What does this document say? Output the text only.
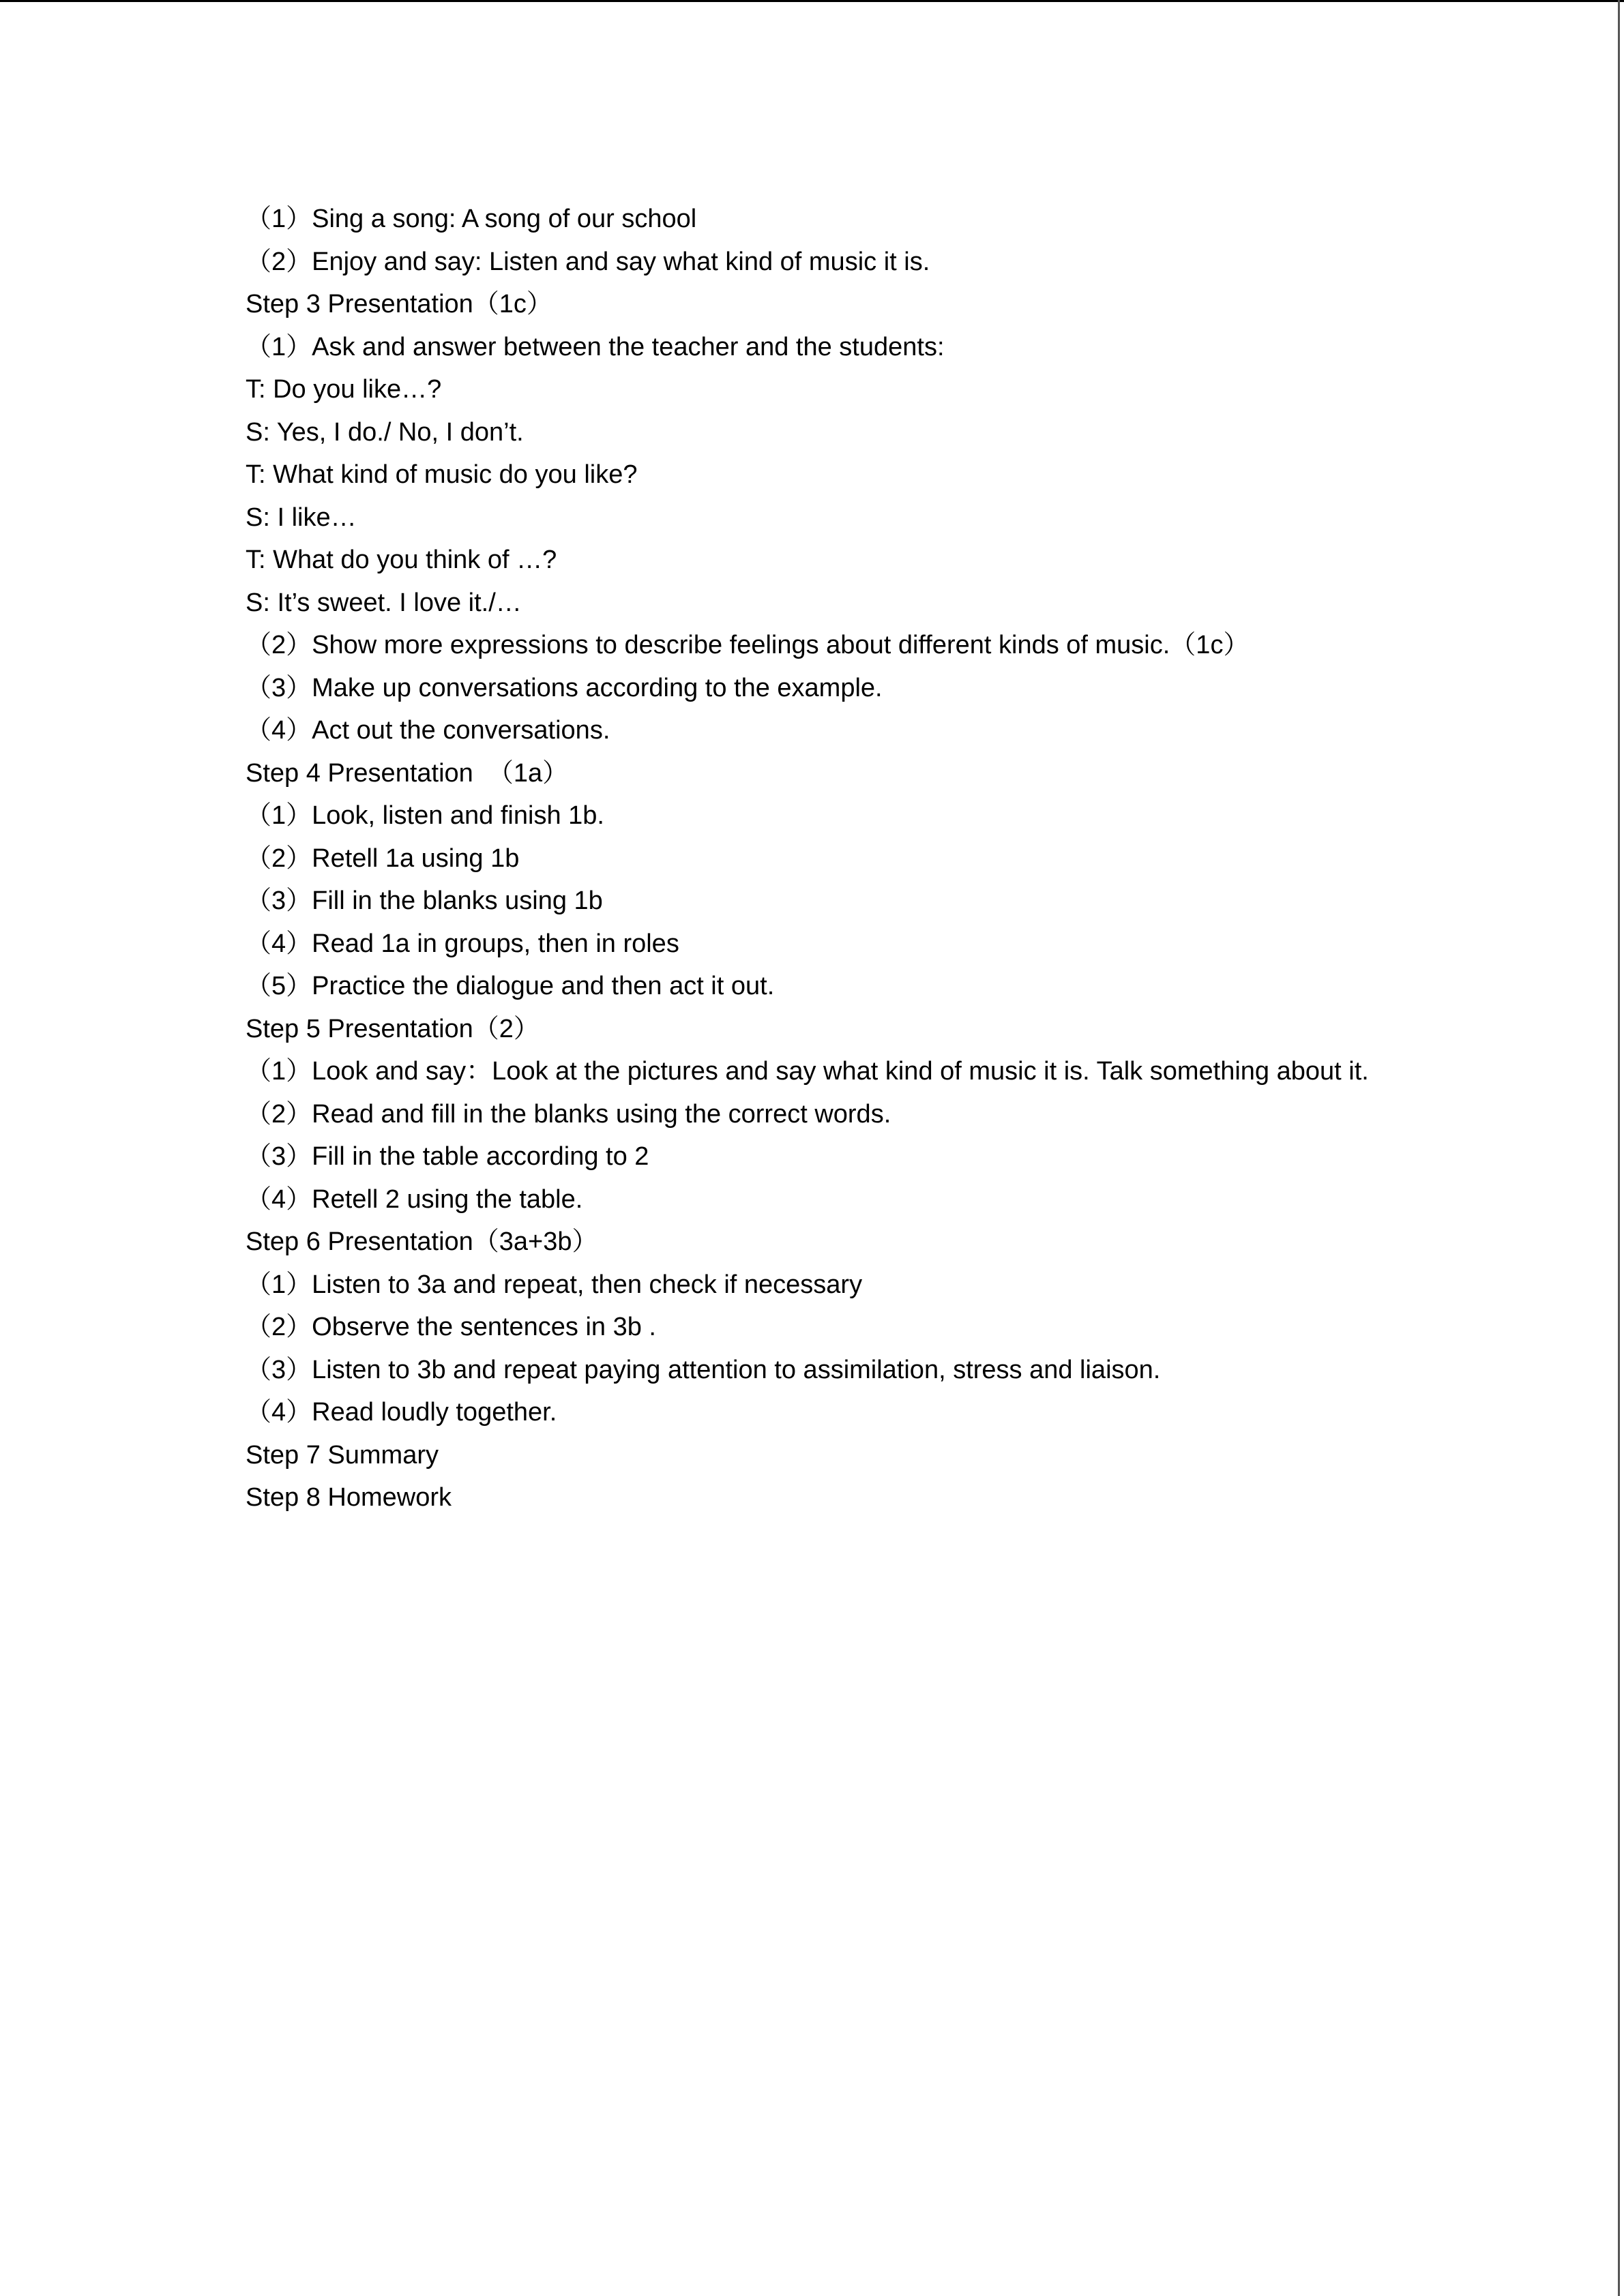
（1）Sing a song: A song of our school
（2）Enjoy and say: Listen and say what kind of music it is.
Step 3 Presentation（1c）
（1）Ask and answer between the teacher and the students:
T: Do you like…?
S: Yes, I do./ No, I don’t.
T: What kind of music do you like?
S: I like…
T: What do you think of …?
S: It’s sweet. I love it./…
（2）Show more expressions to describe feelings about different kinds of music.（1c）
（3）Make up conversations according to the example.
（4）Act out the conversations.
Step 4 Presentation  （1a）
（1）Look, listen and finish 1b.
（2）Retell 1a using 1b
（3）Fill in the blanks using 1b
（4）Read 1a in groups, then in roles
（5）Practice the dialogue and then act it out.
Step 5 Presentation（2）
（1）Look and say：Look at the pictures and say what kind of music it is. Talk something about it.
（2）Read and fill in the blanks using the correct words.
（3）Fill in the table according to 2
（4）Retell 2 using the table.
Step 6 Presentation（3a+3b）
（1）Listen to 3a and repeat, then check if necessary
（2）Observe the sentences in 3b .
（3）Listen to 3b and repeat paying attention to assimilation, stress and liaison.
（4）Read loudly together.
Step 7 Summary
Step 8 Homework
